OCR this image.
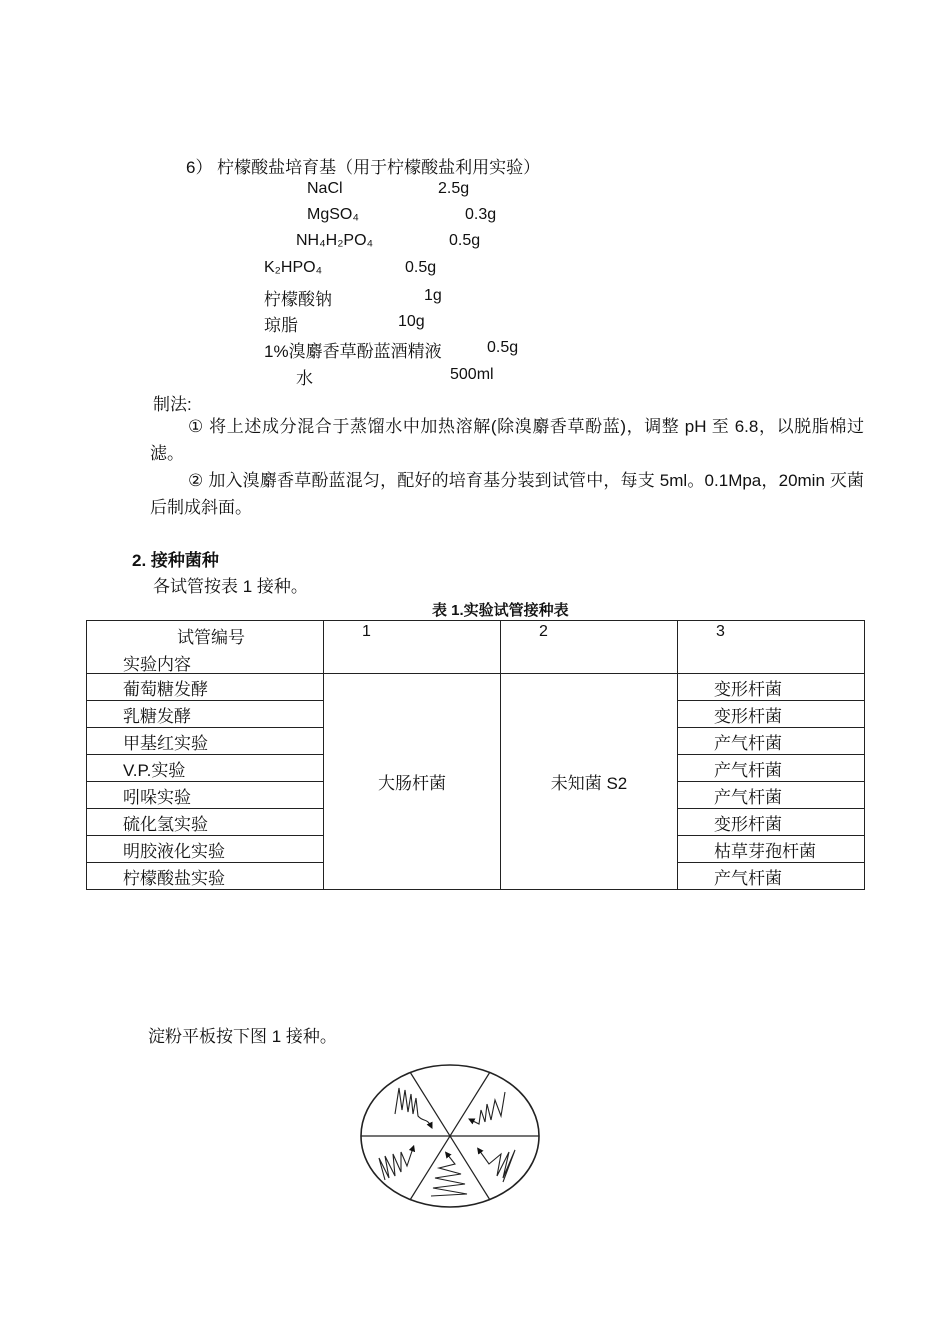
6） 柠檬酸盐培育基（用于柠檬酸盐利用实验）
NaCl	2.5g
MgSO₄	0.3g
NH₄H₂PO₄	0.5g
K₂HPO₄	0.5g
柠檬酸钠	1g
琼脂	10g
1%溴麝香草酚蓝酒精液	0.5g
水	500ml
制法:
① 将上述成分混合于蒸馏水中加热溶解(除溴麝香草酚蓝)，调整 pH 至 6.8，以脱脂棉过滤。
② 加入溴麝香草酚蓝混匀，配好的培育基分装到试管中，每支 5ml。0.1Mpa，20min 灭菌后制成斜面。
2. 接种菌种
各试管按表 1 接种。
表 1.实验试管接种表
试管编号
实验内容	1	2	3

葡萄糖发酵	大肠杆菌	未知菌 S2	变形杆菌
乳糖发酵			变形杆菌
甲基红实验			产气杆菌
V.P.实验			产气杆菌
吲哚实验			产气杆菌
硫化氢实验			变形杆菌
明胶液化实验			枯草芽孢杆菌
柠檬酸盐实验			产气杆菌
淀粉平板按下图 1 接种。
